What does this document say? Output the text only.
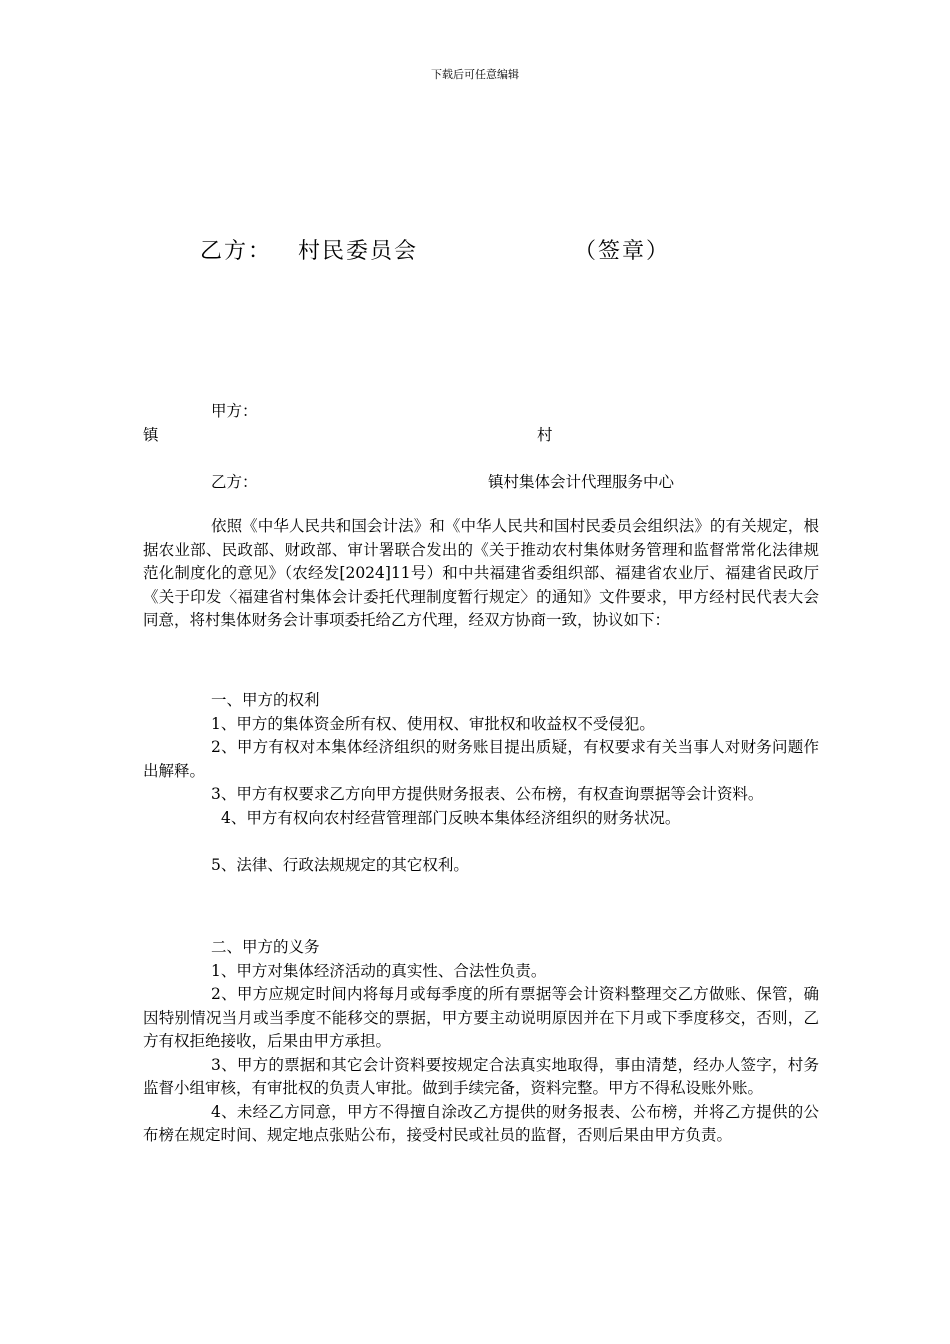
下载后可任意编辑
乙方： 村民委员会	（签章）
甲方：
镇	村
乙方：	镇村集体会计代理服务中心
依照《中华人民共和国会计法》和《中华人民共和国村民委员会组织法》的有关规定，根据农业部、民政部、财政部、审计署联合发出的《关于推动农村集体财务管理和监督常常化法律规范化制度化的意见》（农经发[2024]11号）和中共福建省委组织部、福建省农业厅、福建省民政厅《关于印发〈福建省村集体会计委托代理制度暂行规定〉的通知》文件要求，甲方经村民代表大会同意，将村集体财务会计事项委托给乙方代理，经双方协商一致，协议如下：
一、甲方的权利
1、甲方的集体资金所有权、使用权、审批权和收益权不受侵犯。
2、甲方有权对本集体经济组织的财务账目提出质疑，有权要求有关当事人对财务问题作出解释。
3、甲方有权要求乙方向甲方提供财务报表、公布榜，有权查询票据等会计资料。
4、甲方有权向农村经营管理部门反映本集体经济组织的财务状况。
5、法律、行政法规规定的其它权利。
二、甲方的义务
1、甲方对集体经济活动的真实性、合法性负责。
2、甲方应规定时间内将每月或每季度的所有票据等会计资料整理交乙方做账、保管，确因特别情况当月或当季度不能移交的票据，甲方要主动说明原因并在下月或下季度移交，否则，乙方有权拒绝接收，后果由甲方承担。
3、甲方的票据和其它会计资料要按规定合法真实地取得，事由清楚，经办人签字，村务监督小组审核，有审批权的负责人审批。做到手续完备，资料完整。甲方不得私设账外账。
4、未经乙方同意，甲方不得擅自涂改乙方提供的财务报表、公布榜，并将乙方提供的公布榜在规定时间、规定地点张贴公布，接受村民或社员的监督，否则后果由甲方负责。
